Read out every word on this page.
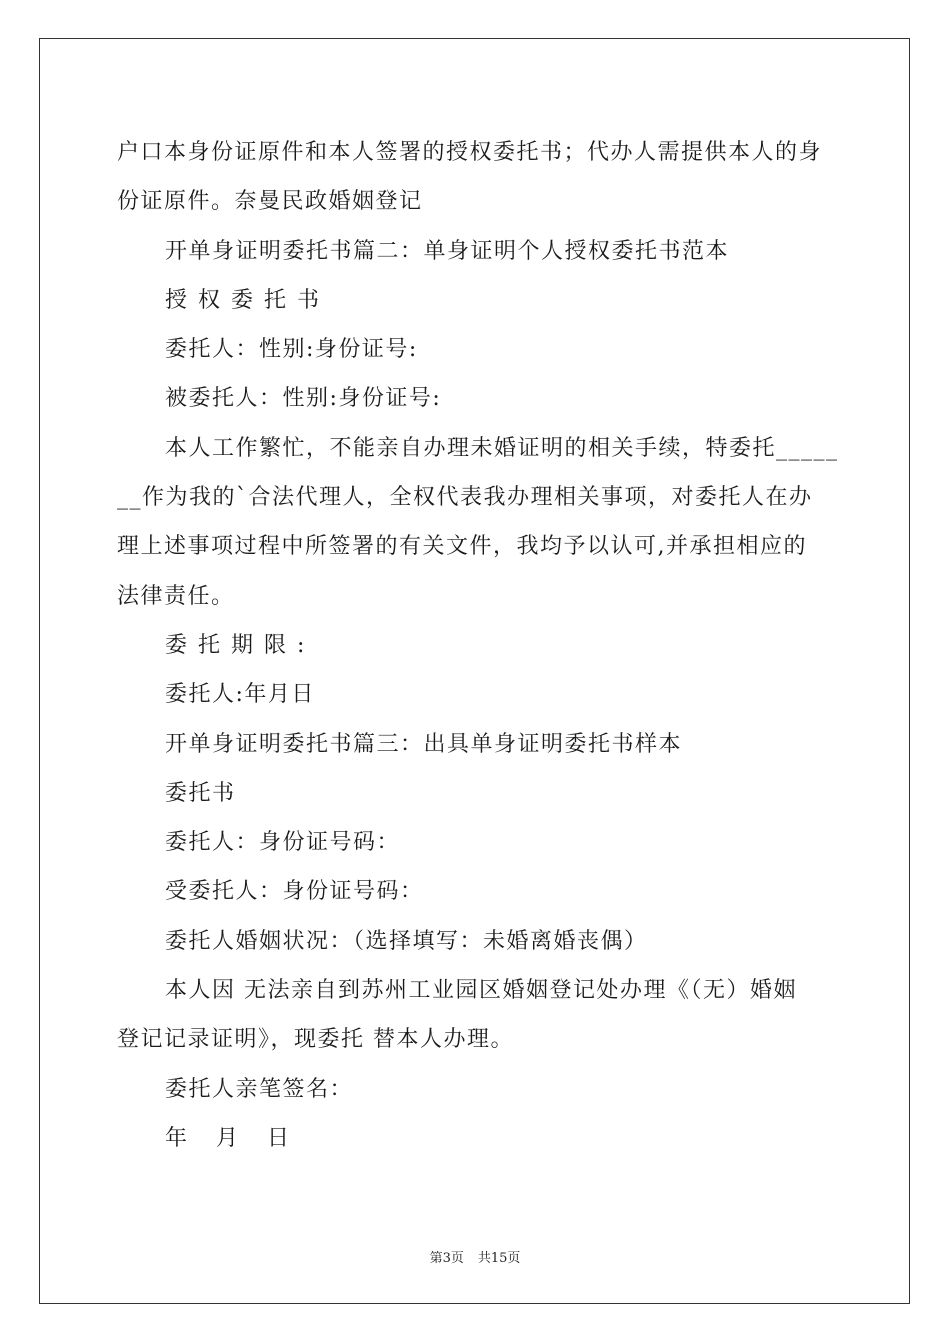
户口本身份证原件和本人签署的授权委托书；代办人需提供本人的身
份证原件。奈曼民政婚姻登记
开单身证明委托书篇二：单身证明个人授权委托书范本
授权委托书
委托人：性别:身份证号:
被委托人：性别:身份证号:
本人工作繁忙，不能亲自办理未婚证明的相关手续，特委托_____
__作为我的`合法代理人，全权代表我办理相关事项，对委托人在办
理上述事项过程中所签署的有关文件，我均予以认可,并承担相应的
法律责任。
委托期限:
委托人:年月日
开单身证明委托书篇三：出具单身证明委托书样本
委托书
委托人：身份证号码：
受委托人：身份证号码：
委托人婚姻状况：（选择填写：未婚离婚丧偶）
本人因 无法亲自到苏州工业园区婚姻登记处办理《（无）婚姻
登记记录证明》，现委托 替本人办理。
委托人亲笔签名：
年 月 日
第3页 共15页
